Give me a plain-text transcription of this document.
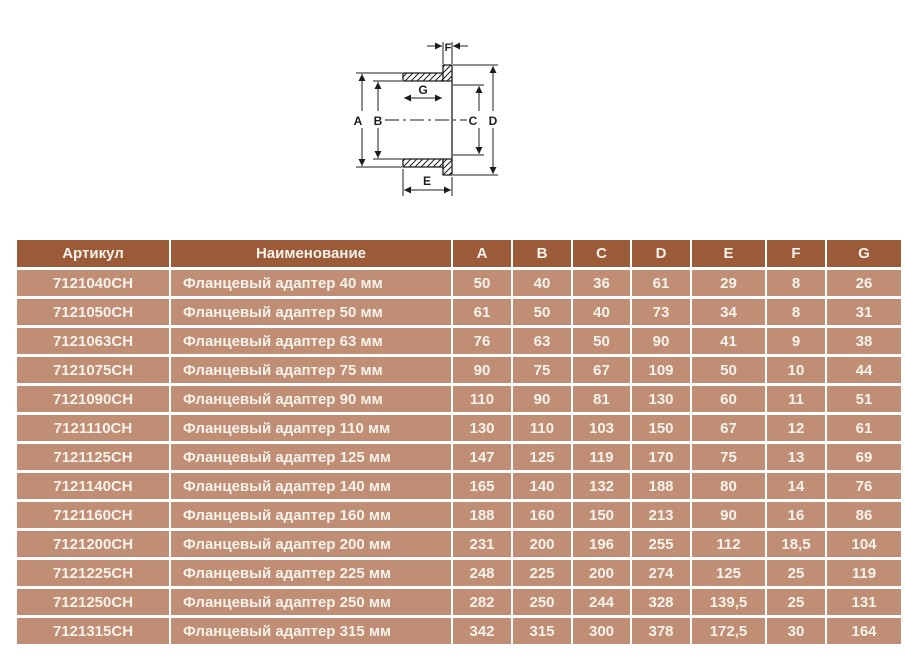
A B	C D
G
E
F
Артикул	Наименование	A	B	C	D	E	F	G
7121040CH	Фланцевый адаптер 40 мм	50	40	36	61	29	8	26
7121050CH	Фланцевый адаптер 50 мм	61	50	40	73	34	8	31
7121063CH	Фланцевый адаптер 63 мм	76	63	50	90	41	9	38
7121075CH	Фланцевый адаптер 75 мм	90	75	67	109	50	10	44
7121090CH	Фланцевый адаптер 90 мм	110	90	81	130	60	11	51
7121110CH	Фланцевый адаптер 110 мм	130	110	103	150	67	12	61
7121125CH	Фланцевый адаптер 125 мм	147	125	119	170	75	13	69
7121140CH	Фланцевый адаптер 140 мм	165	140	132	188	80	14	76
7121160CH	Фланцевый адаптер 160 мм	188	160	150	213	90	16	86
7121200CH	Фланцевый адаптер 200 мм	231	200	196	255	112	18,5	104
7121225CH	Фланцевый адаптер 225 мм	248	225	200	274	125	25	119
7121250CH	Фланцевый адаптер 250 мм	282	250	244	328	139,5	25	131
7121315CH	Фланцевый адаптер 315 мм	342	315	300	378	172,5	30	164
